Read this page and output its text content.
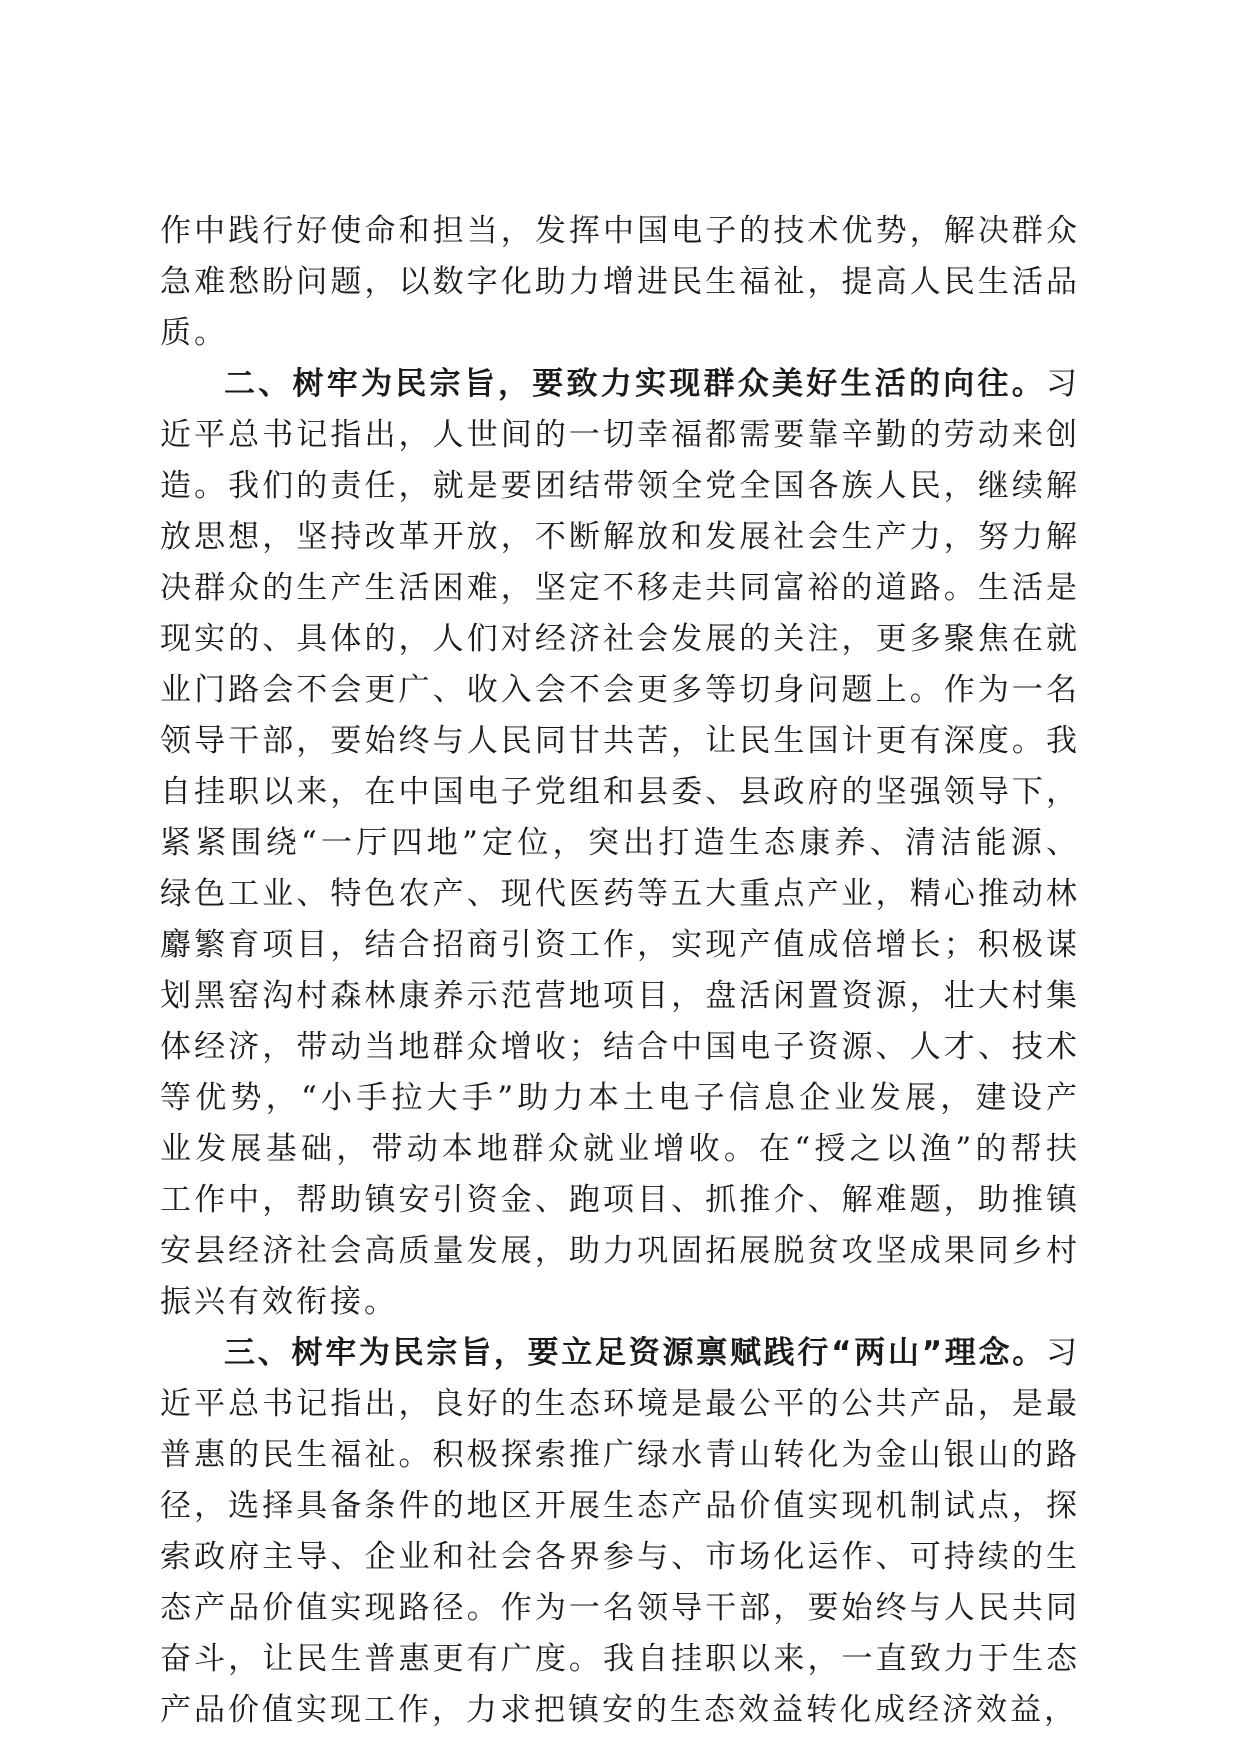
作中践行好使命和担当，发挥中国电子的技术优势，解决群众急难愁盼问题，以数字化助力增进民生福祉，提高人民生活品质。

二、树牢为民宗旨，要致力实现群众美好生活的向往。习近平总书记指出，人世间的一切幸福都需要靠辛勤的劳动来创造。我们的责任，就是要团结带领全党全国各族人民，继续解放思想，坚持改革开放，不断解放和发展社会生产力，努力解决群众的生产生活困难，坚定不移走共同富裕的道路。生活是现实的、具体的，人们对经济社会发展的关注，更多聚焦在就业门路会不会更广、收入会不会更多等切身问题上。作为一名领导干部，要始终与人民同甘共苦，让民生国计更有深度。我自挂职以来，在中国电子党组和县委、县政府的坚强领导下，紧紧围绕“一厅四地”定位，突出打造生态康养、清洁能源、绿色工业、特色农产、现代医药等五大重点产业，精心推动林麝繁育项目，结合招商引资工作，实现产值成倍增长；积极谋划黑窑沟村森林康养示范营地项目，盘活闲置资源，壮大村集体经济，带动当地群众增收；结合中国电子资源、人才、技术等优势，“小手拉大手”助力本土电子信息企业发展，建设产业发展基础，带动本地群众就业增收。在“授之以渔”的帮扶工作中，帮助镇安引资金、跑项目、抓推介、解难题，助推镇安县经济社会高质量发展，助力巩固拓展脱贫攻坚成果同乡村振兴有效衔接。

三、树牢为民宗旨，要立足资源禀赋践行“两山”理念。习近平总书记指出，良好的生态环境是最公平的公共产品，是最普惠的民生福祉。积极探索推广绿水青山转化为金山银山的路径，选择具备条件的地区开展生态产品价值实现机制试点，探索政府主导、企业和社会各界参与、市场化运作、可持续的生态产品价值实现路径。作为一名领导干部，要始终与人民共同奋斗，让民生普惠更有广度。我自挂职以来，一直致力于生态产品价值实现工作，力求把镇安的生态效益转化成经济效益，
